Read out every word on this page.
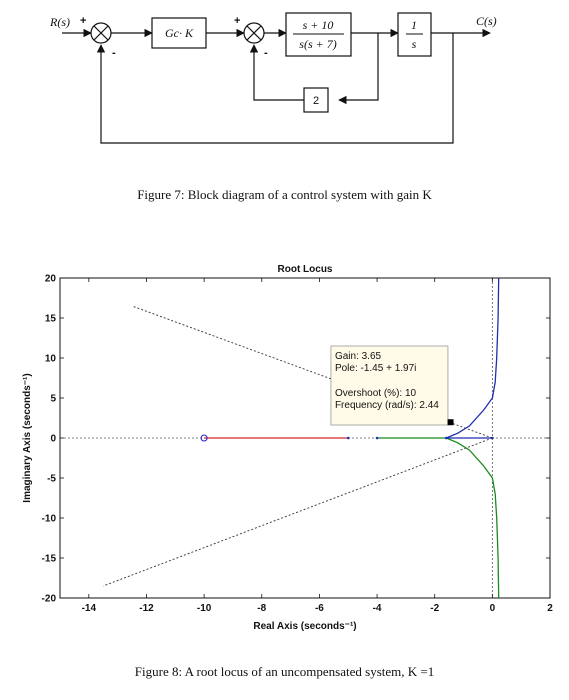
R(s)	C(s)
+
-
+
-
Gc· K
s + 10
s(s + 7)
1
s
2
Figure 7: Block diagram of a control system with gain K
-14	-12	-10	-8	-6	-4	-2	0	2
-20
-15
-10
-5
0
5
10
15
20
Gain: 3.65
Pole: -1.45 + 1.97i
Overshoot (%): 10
Frequency (rad/s): 2.44
Root Locus
Real Axis (seconds⁻¹)
Imaginary Axis (seconds⁻¹)
Figure 8: A root locus of an uncompensated system, K =1
